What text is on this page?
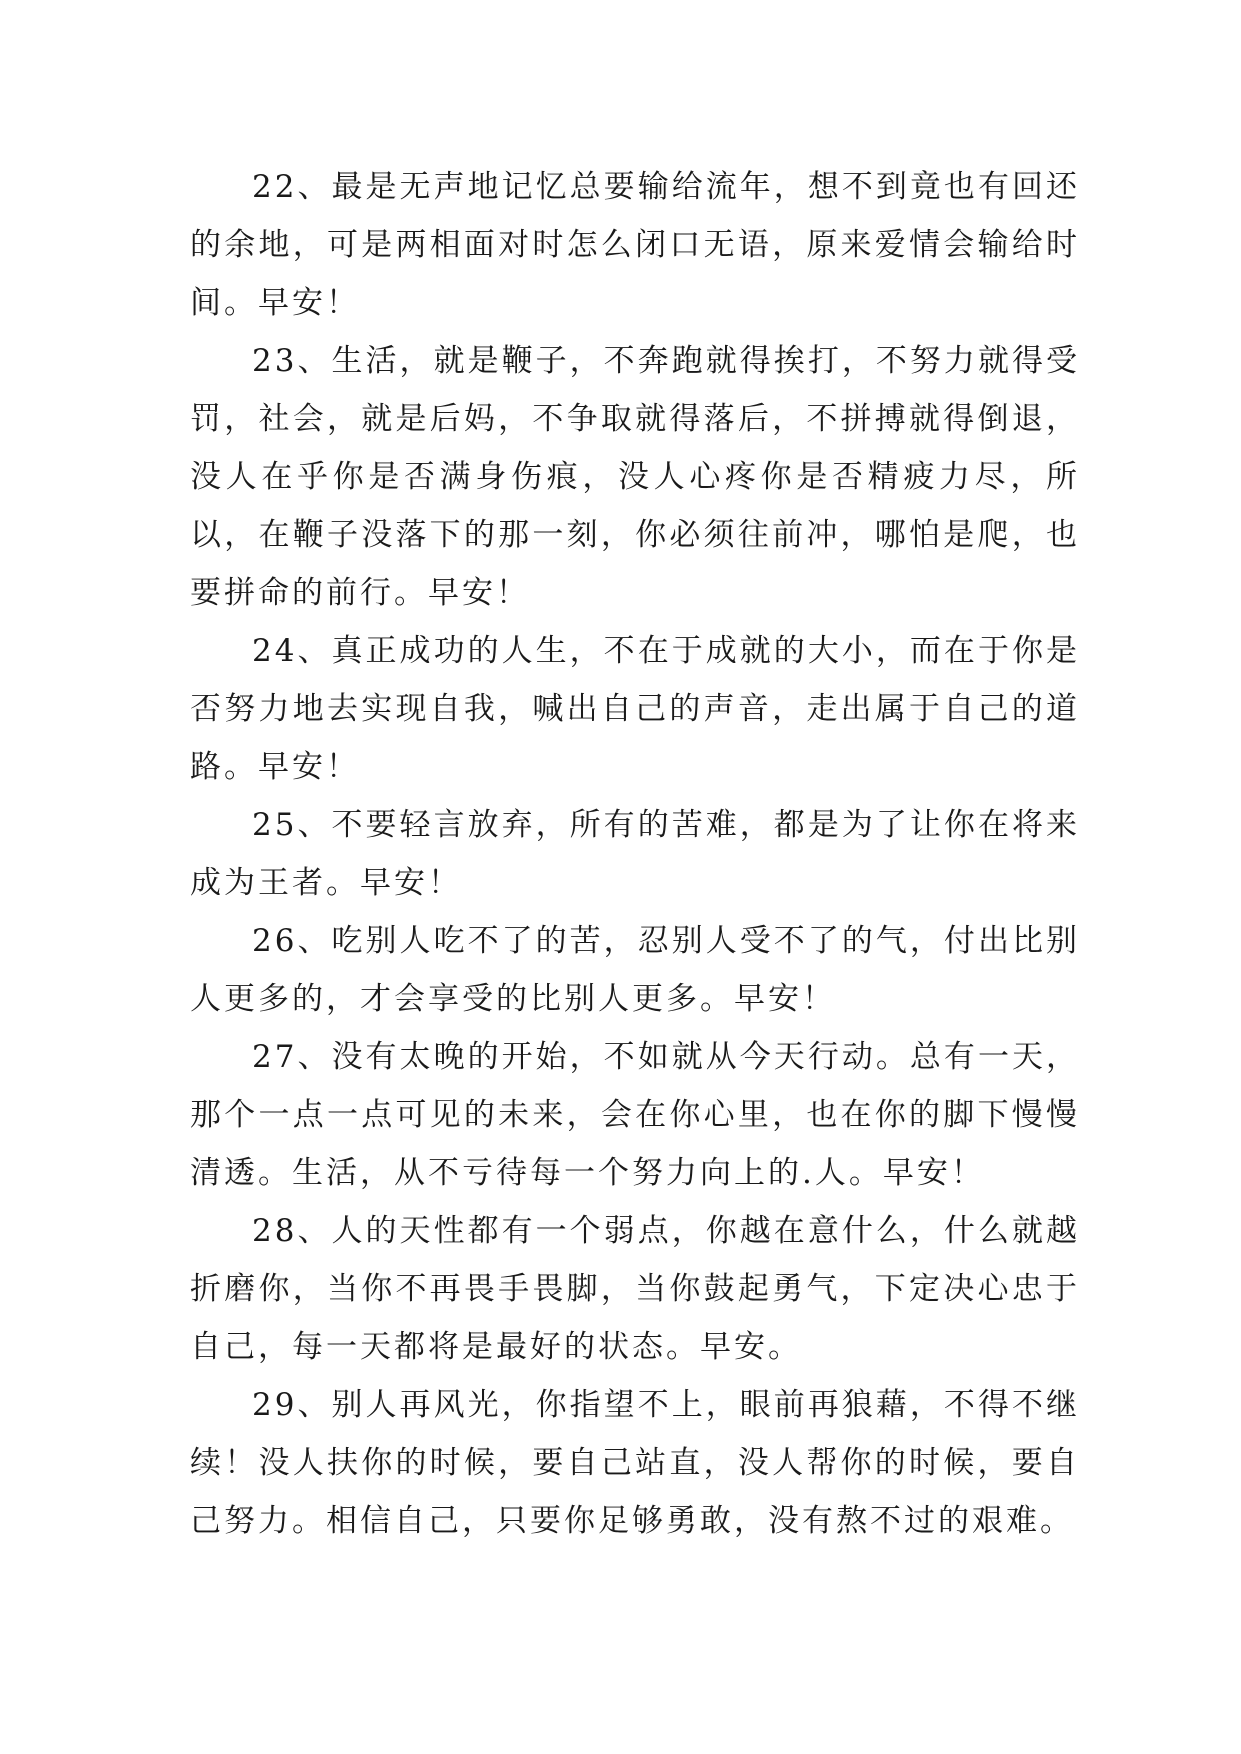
22、最是无声地记忆总要输给流年，想不到竟也有回还的余地，可是两相面对时怎么闭口无语，原来爱情会输给时间。早安！

23、生活，就是鞭子，不奔跑就得挨打，不努力就得受罚，社会，就是后妈，不争取就得落后，不拼搏就得倒退，没人在乎你是否满身伤痕，没人心疼你是否精疲力尽，所以，在鞭子没落下的那一刻，你必须往前冲，哪怕是爬，也要拼命的前行。早安！

24、真正成功的人生，不在于成就的大小，而在于你是否努力地去实现自我，喊出自己的声音，走出属于自己的道路。早安！

25、不要轻言放弃，所有的苦难，都是为了让你在将来成为王者。早安！

26、吃别人吃不了的苦，忍别人受不了的气，付出比别人更多的，才会享受的比别人更多。早安！

27、没有太晚的开始，不如就从今天行动。总有一天，那个一点一点可见的未来，会在你心里，也在你的脚下慢慢清透。生活，从不亏待每一个努力向上的.人。早安！

28、人的天性都有一个弱点，你越在意什么，什么就越折磨你，当你不再畏手畏脚，当你鼓起勇气，下定决心忠于自己，每一天都将是最好的状态。早安。

29、别人再风光，你指望不上，眼前再狼藉，不得不继续！没人扶你的时候，要自己站直，没人帮你的时候，要自己努力。相信自己，只要你足够勇敢，没有熬不过的艰难。
